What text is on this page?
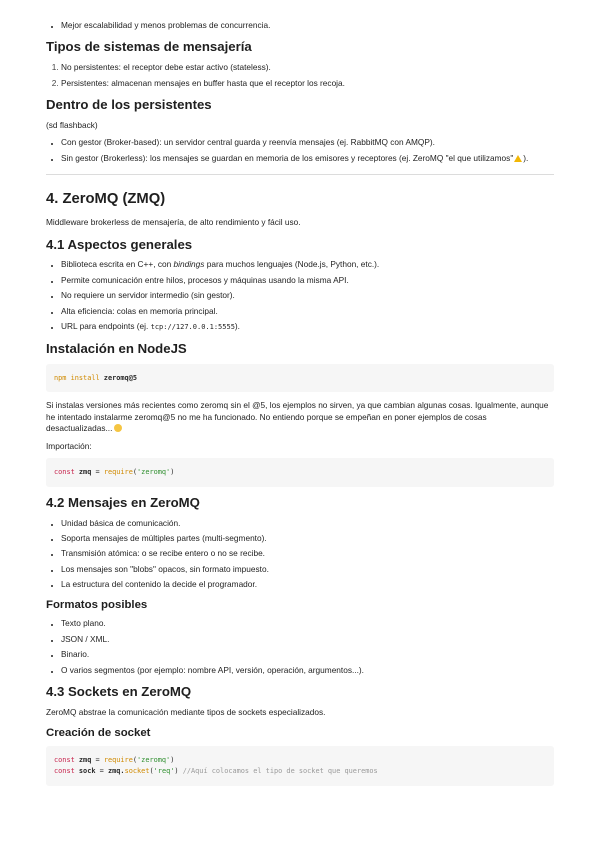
• Mejor escalabilidad y menos problemas de concurrencia.
Tipos de sistemas de mensajería
1. No persistentes: el receptor debe estar activo (stateless).
2. Persistentes: almacenan mensajes en buffer hasta que el receptor los recoja.
Dentro de los persistentes

(sd flashback)

• Con gestor (Broker-based): un servidor central guarda y reenvía mensajes (ej. RabbitMQ con AMQP).
• Sin gestor (Brokerless): los mensajes se guardan en memoria de los emisores y receptores (ej. ZeroMQ "el que utilizamos" ).
4. ZeroMQ (ZMQ)

Middleware brokerless de mensajería, de alto rendimiento y fácil uso.

4.1 Aspectos generales
• Biblioteca escrita en C++, con bindings para muchos lenguajes (Node.js, Python, etc.).
• Permite comunicación entre hilos, procesos y máquinas usando la misma API.
• No requiere un servidor intermedio (sin gestor).
• Alta eficiencia: colas en memoria principal.
• URL para endpoints (ej. tcp://127.0.0.1:5555).
Instalación en NodeJS
npm install zeromq@5

Si instalas versiones más recientes como zeromq sin el @5, los ejemplos no sirven, ya que cambian algunas cosas. Igualmente, aunque he intentado instalarme zeromq@5 no me ha funcionado. No entiendo porque se empeñan en poner ejemplos de cosas desactualizadas...

Importación:

const zmq = require('zeromq')
4.2 Mensajes en ZeroMQ
• Unidad básica de comunicación.
• Soporta mensajes de múltiples partes (multi-segmento).
• Transmisión atómica: o se recibe entero o no se recibe.
• Los mensajes son "blobs" opacos, sin formato impuesto.
• La estructura del contenido la decide el programador.
Formatos posibles
• Texto plano.
• JSON / XML.
• Binario.
• O varios segmentos (por ejemplo: nombre API, versión, operación, argumentos...).
4.3 Sockets en ZeroMQ

ZeroMQ abstrae la comunicación mediante tipos de sockets especializados.

Creación de socket
const zmq = require('zeromq')
const sock = zmq.socket('req') //Aquí colocamos el tipo de socket que queremos
